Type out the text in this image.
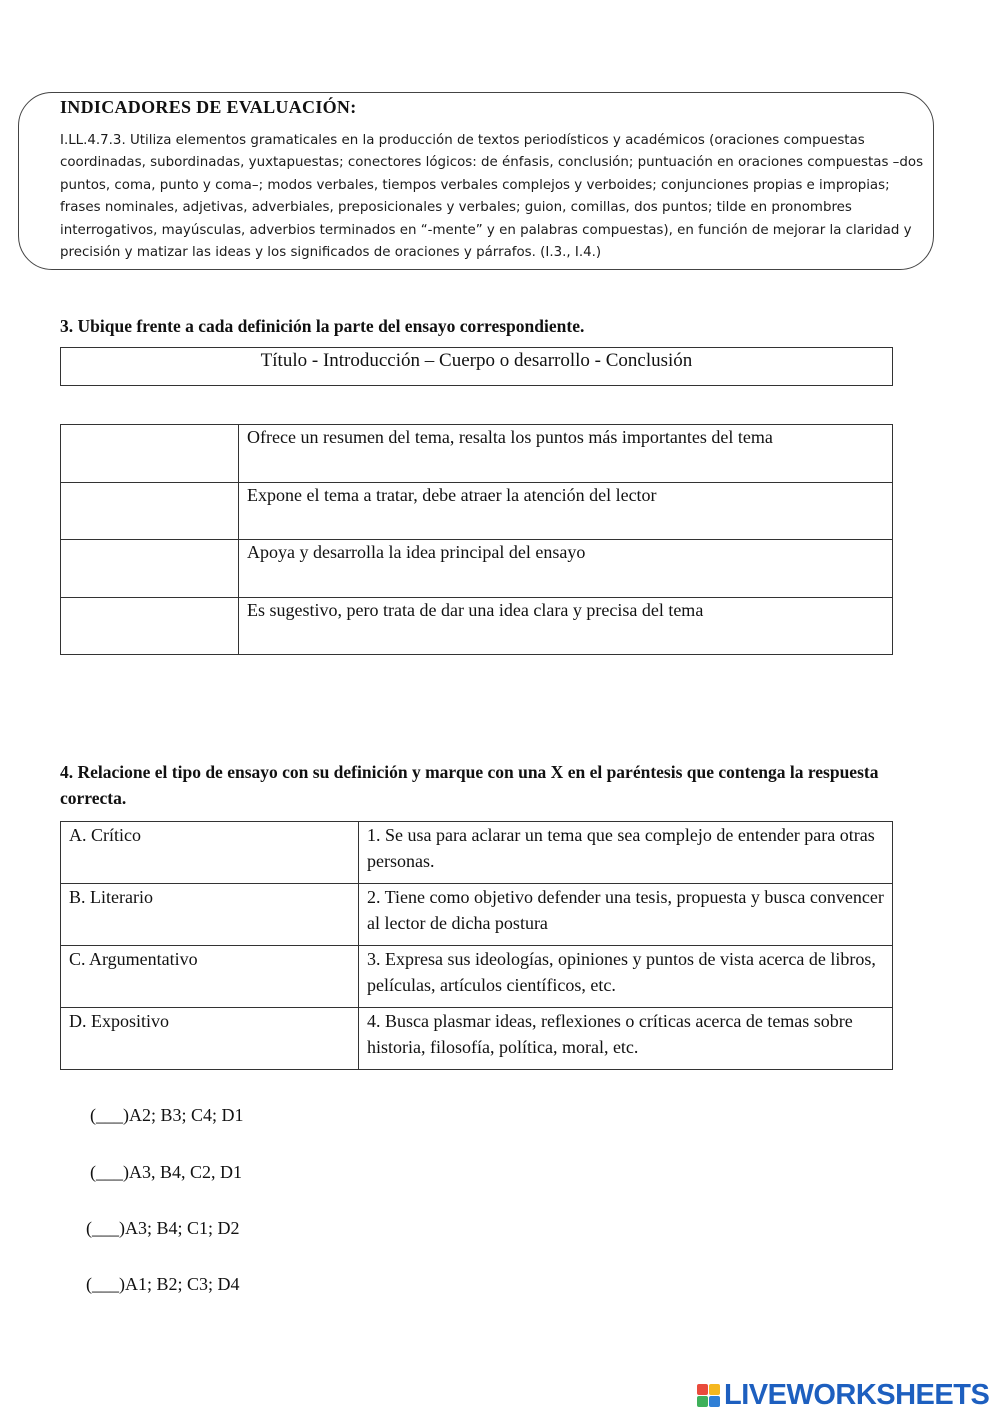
INDICADORES DE EVALUACIÓN:
I.LL.4.7.3. Utiliza elementos gramaticales en la producción de textos periodísticos y académicos (oraciones compuestas
coordinadas, subordinadas, yuxtapuestas; conectores lógicos: de énfasis, conclusión; puntuación en oraciones compuestas –dos
puntos, coma, punto y coma–; modos verbales, tiempos verbales complejos y verboides; conjunciones propias e impropias;
frases nominales, adjetivas, adverbiales, preposicionales y verbales; guion, comillas, dos puntos; tilde en pronombres
interrogativos, mayúsculas, adverbios terminados en “-mente” y en palabras compuestas), en función de mejorar la claridad y
precisión y matizar las ideas y los significados de oraciones y párrafos. (I.3., I.4.)
3. Ubique frente a cada definición la parte del ensayo correspondiente.
Título - Introducción – Cuerpo o desarrollo - Conclusión
	Ofrece un resumen del tema, resalta los puntos más importantes del tema
	Expone el tema a tratar, debe atraer la atención del lector
	Apoya y desarrolla la idea principal del ensayo
	Es sugestivo, pero trata de dar una idea clara y precisa del tema
4. Relacione el tipo de ensayo con su definición y marque con una X en el paréntesis que contenga la respuesta correcta.
A. Crítico	1. Se usa para aclarar un tema que sea complejo de entender para otras personas.
B. Literario	2. Tiene como objetivo defender una tesis, propuesta y busca convencer al lector de dicha postura
C. Argumentativo	3. Expresa sus ideologías, opiniones y puntos de vista acerca de libros, películas, artículos científicos, etc.
D. Expositivo	4. Busca plasmar ideas, reflexiones o críticas acerca de temas sobre historia, filosofía, política, moral, etc.
(___)A2; B3; C4; D1
(___)A3, B4, C2, D1
(___)A3; B4; C1; D2
(___)A1; B2; C3; D4
LIVEWORKSHEETS
